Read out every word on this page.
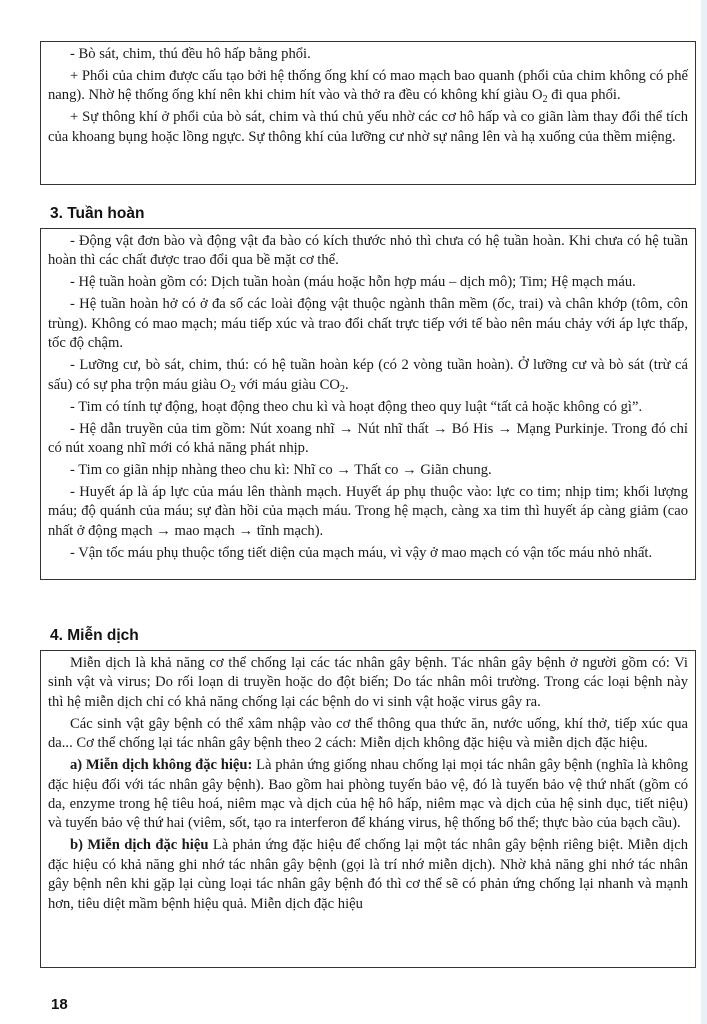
- Bò sát, chim, thú đều hô hấp bằng phổi.

+ Phổi của chim được cấu tạo bởi hệ thống ống khí có mao mạch bao quanh (phổi của chim không có phế nang). Nhờ hệ thống ống khí nên khi chim hít vào và thở ra đều có không khí giàu $O_2$ đi qua phổi.

+ Sự thông khí ở phổi của bò sát, chim và thú chủ yếu nhờ các cơ hô hấp và co giãn làm thay đổi thể tích của khoang bụng hoặc lồng ngực. Sự thông khí của lưỡng cư nhờ sự nâng lên và hạ xuống của thềm miệng.

3. Tuần hoàn

- Động vật đơn bào và động vật đa bào có kích thước nhỏ thì chưa có hệ tuần hoàn. Khi chưa có hệ tuần hoàn thì các chất được trao đổi qua bề mặt cơ thể.

- Hệ tuần hoàn gồm có: Dịch tuần hoàn (máu hoặc hỗn hợp máu – dịch mô); Tim; Hệ mạch máu.

- Hệ tuần hoàn hở có ở đa số các loài động vật thuộc ngành thân mềm (ốc, trai) và chân khớp (tôm, côn trùng). Không có mao mạch; máu tiếp xúc và trao đổi chất trực tiếp với tế bào nên máu chảy với áp lực thấp, tốc độ chậm.

- Lưỡng cư, bò sát, chim, thú: có hệ tuần hoàn kép (có 2 vòng tuần hoàn). Ở lưỡng cư và bò sát (trừ cá sấu) có sự pha trộn máu giàu $O_2$ với máu giàu $CO_2$.

- Tim có tính tự động, hoạt động theo chu kì và hoạt động theo quy luật “tất cả hoặc không có gì”.

- Hệ dẫn truyền của tim gồm: Nút xoang nhĩ → Nút nhĩ thất → Bó His → Mạng Purkinje. Trong đó chỉ có nút xoang nhĩ mới có khả năng phát nhịp.

- Tim co giãn nhịp nhàng theo chu kì: Nhĩ co → Thất co → Giãn chung.

- Huyết áp là áp lực của máu lên thành mạch. Huyết áp phụ thuộc vào: lực co tim; nhịp tim; khối lượng máu; độ quánh của máu; sự đàn hồi của mạch máu. Trong hệ mạch, càng xa tim thì huyết áp càng giảm (cao nhất ở động mạch → mao mạch → tĩnh mạch).

- Vận tốc máu phụ thuộc tổng tiết diện của mạch máu, vì vậy ở mao mạch có vận tốc máu nhỏ nhất.

4. Miễn dịch

Miễn dịch là khả năng cơ thể chống lại các tác nhân gây bệnh. Tác nhân gây bệnh ở người gồm có: Vi sinh vật và virus; Do rối loạn di truyền hoặc do đột biến; Do tác nhân môi trường. Trong các loại bệnh này thì hệ miễn dịch chỉ có khả năng chống lại các bệnh do vi sinh vật hoặc virus gây ra.

Các sinh vật gây bệnh có thể xâm nhập vào cơ thể thông qua thức ăn, nước uống, khí thở, tiếp xúc qua da... Cơ thể chống lại tác nhân gây bệnh theo 2 cách: Miễn dịch không đặc hiệu và miễn dịch đặc hiệu.

a) Miễn dịch không đặc hiệu: Là phản ứng giống nhau chống lại mọi tác nhân gây bệnh (nghĩa là không đặc hiệu đối với tác nhân gây bệnh). Bao gồm hai phòng tuyến bảo vệ, đó là tuyến bảo vệ thứ nhất (gồm có da, enzyme trong hệ tiêu hoá, niêm mạc và dịch của hệ hô hấp, niêm mạc và dịch của hệ sinh dục, tiết niệu) và tuyến bảo vệ thứ hai (viêm, sốt, tạo ra interferon để kháng virus, hệ thống bổ thể; thực bào của bạch cầu).

b) Miễn dịch đặc hiệu Là phản ứng đặc hiệu để chống lại một tác nhân gây bệnh riêng biệt. Miễn dịch đặc hiệu có khả năng ghi nhớ tác nhân gây bệnh (gọi là trí nhớ miễn dịch). Nhờ khả năng ghi nhớ tác nhân gây bệnh nên khi gặp lại cùng loại tác nhân gây bệnh đó thì cơ thể sẽ có phản ứng chống lại nhanh và mạnh hơn, tiêu diệt mầm bệnh hiệu quả. Miễn dịch đặc hiệu

18
